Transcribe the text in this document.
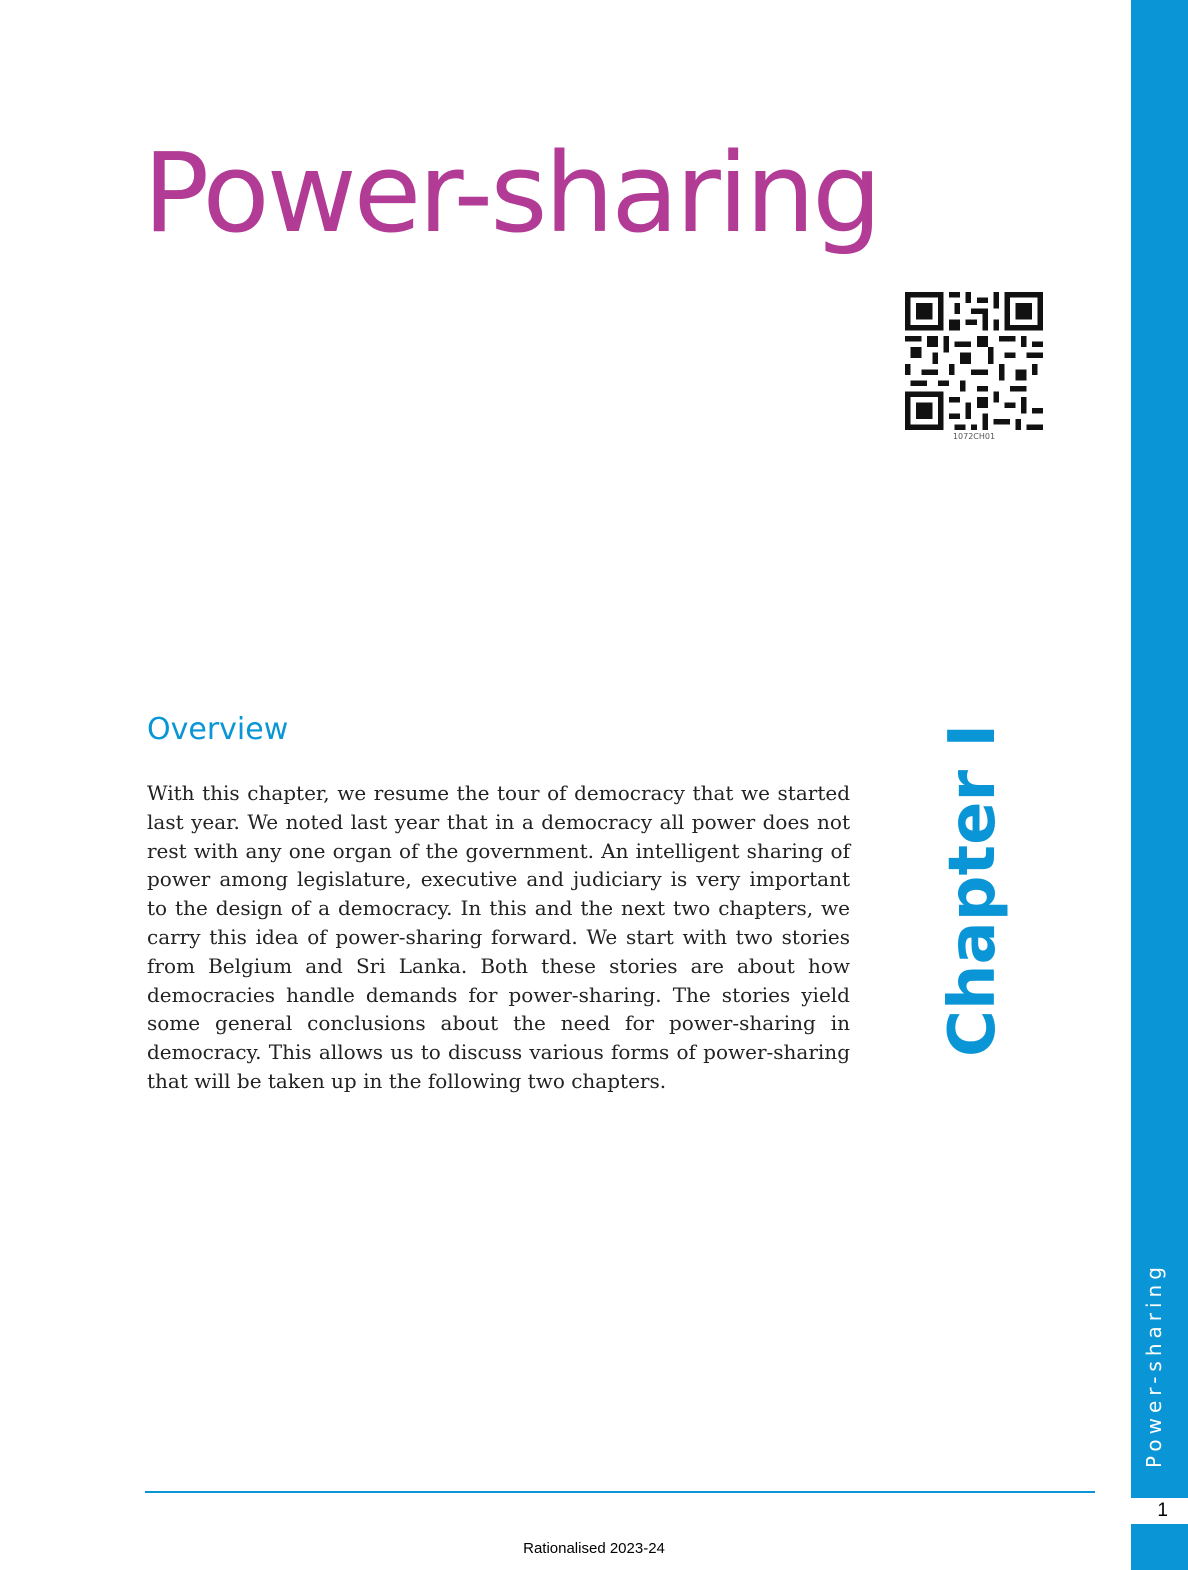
Power-sharing
1
Power-sharing
1072CH01
Chapter I
Overview

With this chapter, we resume the tour of democracy that we started last year. We noted last year that in a democracy all power does not rest with any one organ of the government. An intelligent sharing of power among legislature, executive and judiciary is very important to the design of a democracy. In this and the next two chapters, we carry this idea of power-sharing forward. We start with two stories from Belgium and Sri Lanka. Both these stories are about how democracies handle demands for power-sharing. The stories yield some general conclusions about the need for power-sharing in democracy. This allows us to discuss various forms of power-sharing that will be taken up in the following two chapters.

Rationalised 2023-24
